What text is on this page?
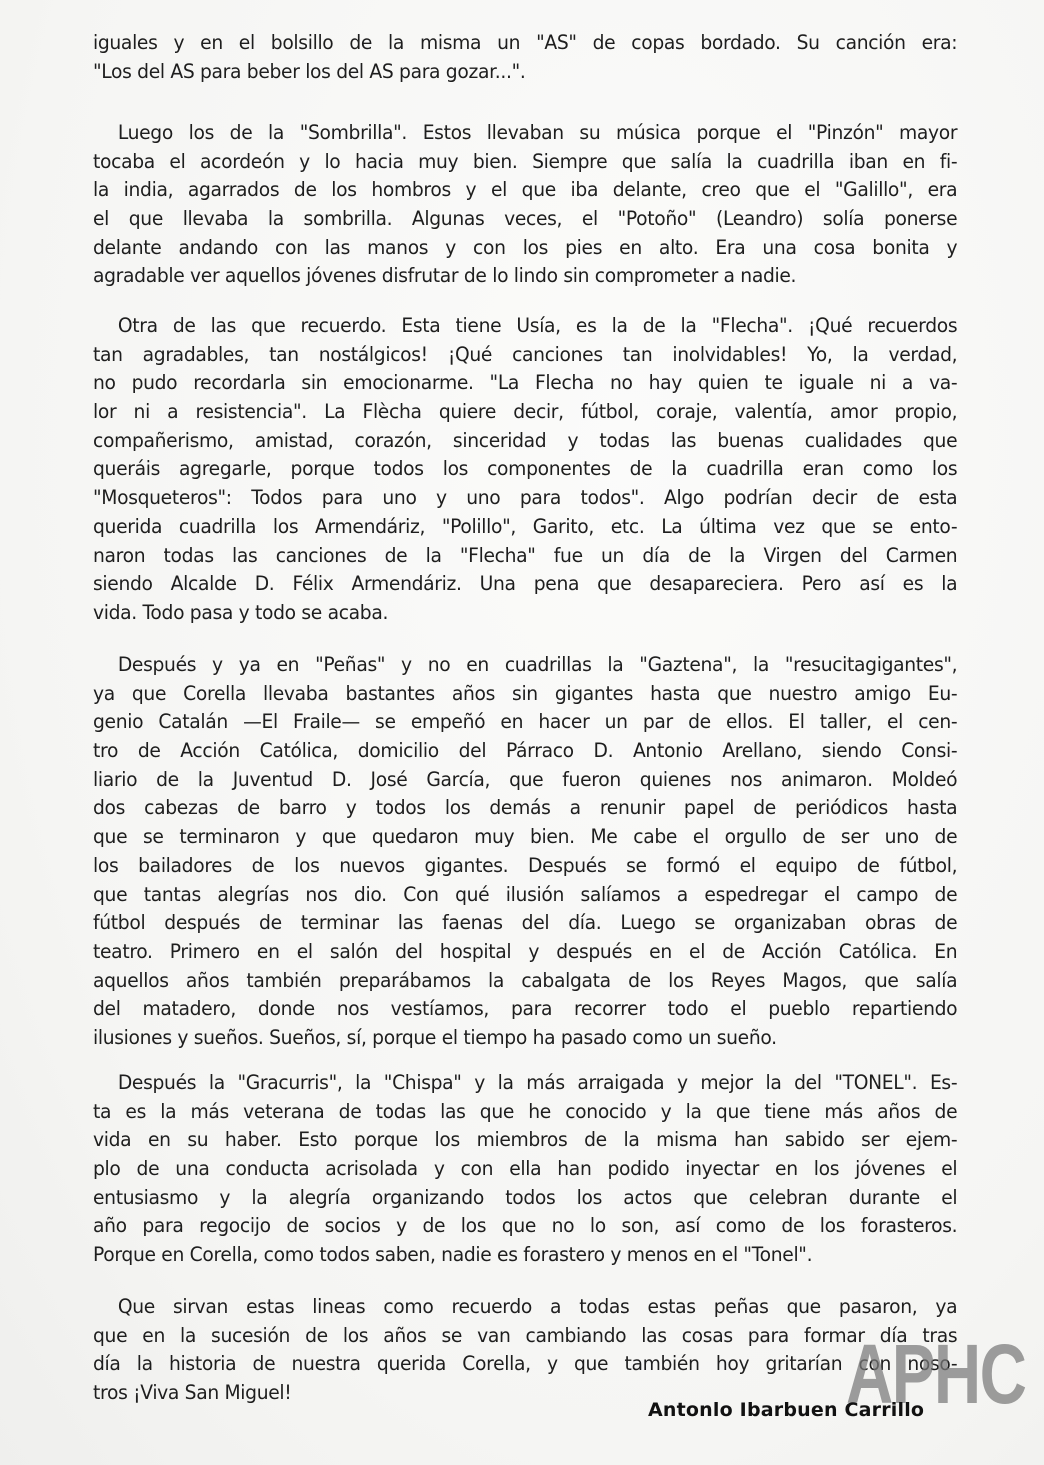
iguales y en el bolsillo de la misma un "AS" de copas bordado. Su canción era:
"Los del AS para beber los del AS para gozar...".
Luego los de la "Sombrilla". Estos llevaban su música porque el "Pinzón" mayor
tocaba el acordeón y lo hacia muy bien. Siempre que salía la cuadrilla iban en fi-
la india, agarrados de los hombros y el que iba delante, creo que el "Galillo", era
el que llevaba la sombrilla. Algunas veces, el "Potoño" (Leandro) solía ponerse
delante andando con las manos y con los pies en alto. Era una cosa bonita y
agradable ver aquellos jóvenes disfrutar de lo lindo sin comprometer a nadie.
Otra de las que recuerdo. Esta tiene Usía, es la de la "Flecha". ¡Qué recuerdos
tan agradables, tan nostálgicos! ¡Qué canciones tan inolvidables! Yo, la verdad,
no pudo recordarla sin emocionarme. "La Flecha no hay quien te iguale ni a va-
lor ni a resistencia". La Flècha quiere decir, fútbol, coraje, valentía, amor propio,
compañerismo, amistad, corazón, sinceridad y todas las buenas cualidades que
queráis agregarle, porque todos los componentes de la cuadrilla eran como los
"Mosqueteros": Todos para uno y uno para todos". Algo podrían decir de esta
querida cuadrilla los Armendáriz, "Polillo", Garito, etc. La última vez que se ento-
naron todas las canciones de la "Flecha" fue un día de la Virgen del Carmen
siendo Alcalde D. Félix Armendáriz. Una pena que desapareciera. Pero así es la
vida. Todo pasa y todo se acaba.
Después y ya en "Peñas" y no en cuadrillas la "Gaztena", la "resucitagigantes",
ya que Corella llevaba bastantes años sin gigantes hasta que nuestro amigo Eu-
genio Catalán —El Fraile— se empeñó en hacer un par de ellos. El taller, el cen-
tro de Acción Católica, domicilio del Párraco D. Antonio Arellano, siendo Consi-
liario de la Juventud D. José García, que fueron quienes nos animaron. Moldeó
dos cabezas de barro y todos los demás a renunir papel de periódicos hasta
que se terminaron y que quedaron muy bien. Me cabe el orgullo de ser uno de
los bailadores de los nuevos gigantes. Después se formó el equipo de fútbol,
que tantas alegrías nos dio. Con qué ilusión salíamos a espedregar el campo de
fútbol después de terminar las faenas del día. Luego se organizaban obras de
teatro. Primero en el salón del hospital y después en el de Acción Católica. En
aquellos años también preparábamos la cabalgata de los Reyes Magos, que salía
del matadero, donde nos vestíamos, para recorrer todo el pueblo repartiendo
ilusiones y sueños. Sueños, sí, porque el tiempo ha pasado como un sueño.
Después la "Gracurris", la "Chispa" y la más arraigada y mejor la del "TONEL". Es-
ta es la más veterana de todas las que he conocido y la que tiene más años de
vida en su haber. Esto porque los miembros de la misma han sabido ser ejem-
plo de una conducta acrisolada y con ella han podido inyectar en los jóvenes el
entusiasmo y la alegría organizando todos los actos que celebran durante el
año para regocijo de socios y de los que no lo son, así como de los forasteros.
Porque en Corella, como todos saben, nadie es forastero y menos en el "Tonel".
Que sirvan estas lineas como recuerdo a todas estas peñas que pasaron, ya
que en la sucesión de los años se van cambiando las cosas para formar día tras
día la historia de nuestra querida Corella, y que también hoy gritarían con noso-
tros ¡Viva San Miguel!	APHC
Antonlo Ibarbuen Carrillo
